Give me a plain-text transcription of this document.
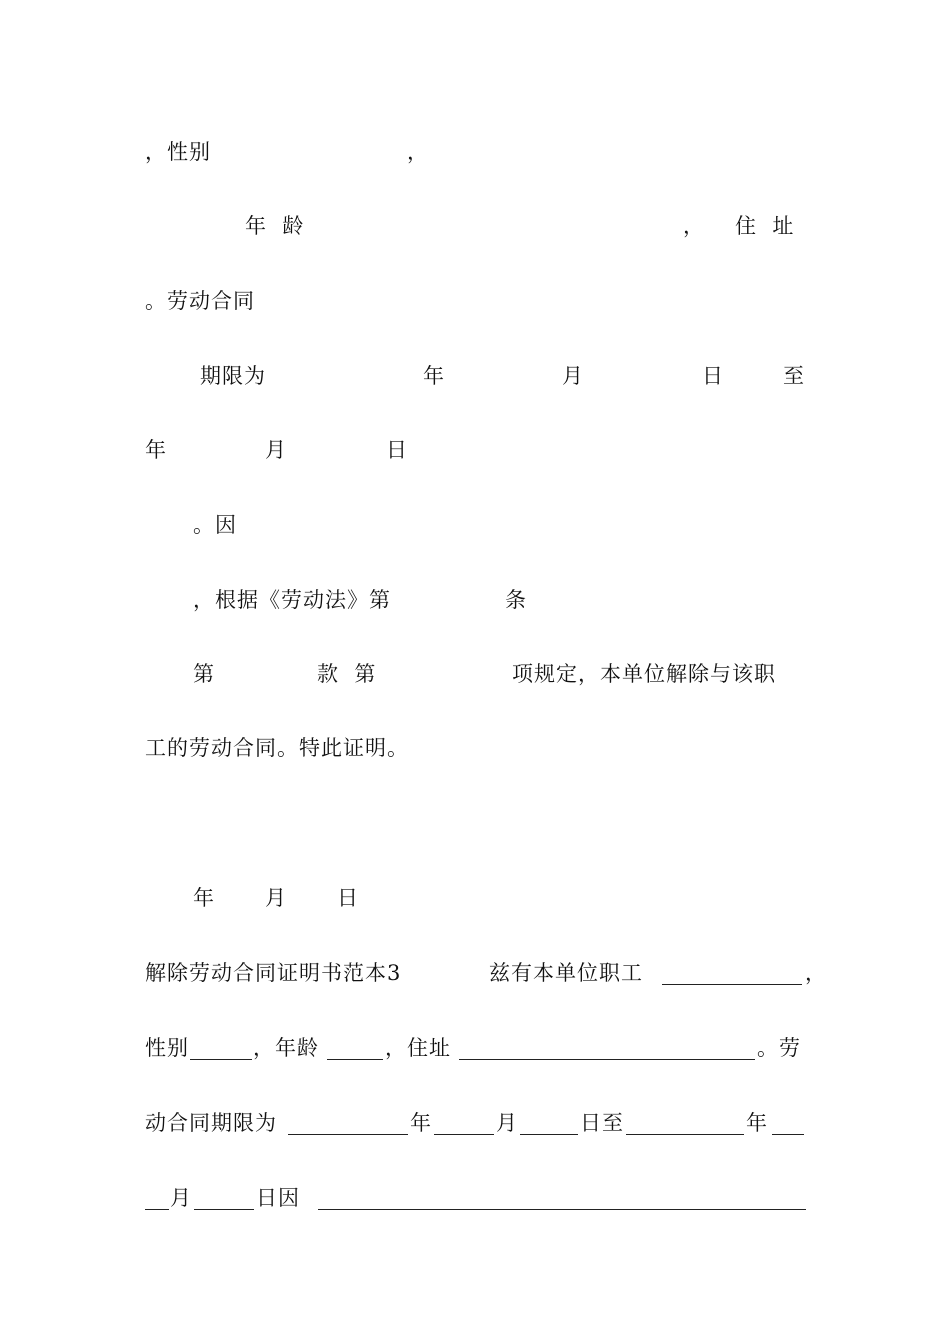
，性别	，
年  龄	， 住  址
。劳动合同
期限为	年	月	日	至
年	月	日
。因
，根据《劳动法》第	条
第	款  第	项规定，本单位解除与该职
工的劳动合同。特此证明。
年 月 日
解除劳动合同证明书范本3	兹有本单位职工	，
性别	，年龄	，住址	。劳
动合同期限为	年	月	日至	年
月	日因
